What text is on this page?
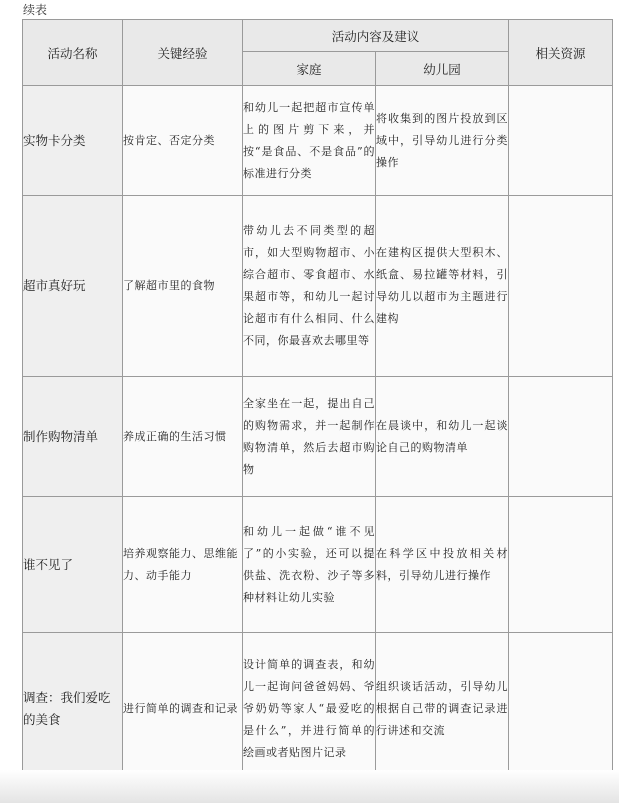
续表
活动名称	关键经验	活动内容及建议		相关资源
		家庭	幼儿园	
实物卡分类	按肯定、否定分类	和幼儿一起把超市宣传单上的图片剪下来，并按“是食品、不是食品”的标准进行分类	将收集到的图片投放到区域中，引导幼儿进行分类操作	
超市真好玩	了解超市里的食物	带幼儿去不同类型的超市，如大型购物超市、小综合超市、零食超市、水果超市等，和幼儿一起讨论超市有什么相同、什么不同，你最喜欢去哪里等	在建构区提供大型积木、纸盒、易拉罐等材料，引导幼儿以超市为主题进行建构	
制作购物清单	养成正确的生活习惯	全家坐在一起，提出自己的购物需求，并一起制作购物清单，然后去超市购物	在晨谈中，和幼儿一起谈论自己的购物清单	
谁不见了	培养观察能力、思维能力、动手能力	和幼儿一起做“谁不见了”的小实验，还可以提供盐、洗衣粉、沙子等多种材料让幼儿实验	在科学区中投放相关材料，引导幼儿进行操作	
调查：我们爱吃的美食	进行简单的调查和记录	设计简单的调查表，和幼儿一起询问爸爸妈妈、爷爷奶奶等家人“最爱吃的是什么”，并进行简单的绘画或者贴图片记录	组织谈话活动，引导幼儿根据自己带的调查记录进行讲述和交流	
